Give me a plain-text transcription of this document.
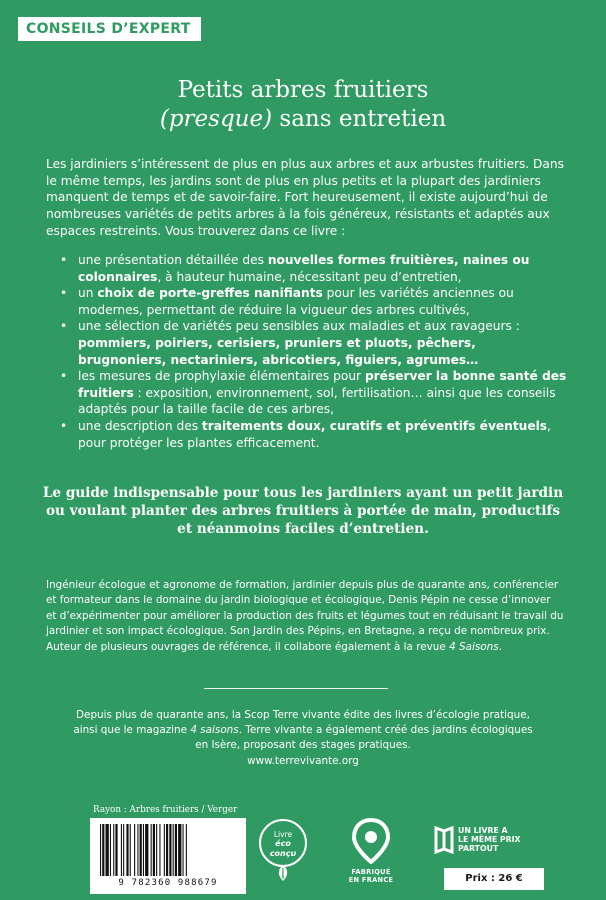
CONSEILS D’EXPERT
Petits arbres fruitiers
(presque) sans entretien

Les jardiniers s’intéressent de plus en plus aux arbres et aux arbustes fruitiers. Dans le même temps, les jardins sont de plus en plus petits et la plupart des jardiniers manquent de temps et de savoir-faire. Fort heureusement, il existe aujourd’hui de nombreuses variétés de petits arbres à la fois généreux, résistants et adaptés aux espaces restreints. Vous trouverez dans ce livre :

• une présentation détaillée des nouvelles formes fruitières, naines ou colonnaires, à hauteur humaine, nécessitant peu d’entretien,
• un choix de porte-greffes nanifiants pour les variétés anciennes ou modernes, permettant de réduire la vigueur des arbres cultivés,
• une sélection de variétés peu sensibles aux maladies et aux ravageurs : pommiers, poiriers, cerisiers, pruniers et pluots, pêchers, brugnoniers, nectariniers, abricotiers, figuiers, agrumes…
• les mesures de prophylaxie élémentaires pour préserver la bonne santé des fruitiers : exposition, environnement, sol, fertilisation… ainsi que les conseils adaptés pour la taille facile de ces arbres,
• une description des traitements doux, curatifs et préventifs éventuels, pour protéger les plantes efficacement.
Le guide indispensable pour tous les jardiniers ayant un petit jardin ou voulant planter des arbres fruitiers à portée de main, productifs et néanmoins faciles d’entretien.

Ingénieur écologue et agronome de formation, jardinier depuis plus de quarante ans, conférencier et formateur dans le domaine du jardin biologique et écologique, Denis Pépin ne cesse d’innover et d’expérimenter pour améliorer la production des fruits et légumes tout en réduisant le travail du jardinier et son impact écologique. Son Jardin des Pépins, en Bretagne, a reçu de nombreux prix. Auteur de plusieurs ouvrages de référence, il collabore également à la revue 4 Saisons.

Depuis plus de quarante ans, la Scop Terre vivante édite des livres d’écologie pratique,

ainsi que le magazine 4 saisons. Terre vivante a également créé des jardins écologiques

en Isère, proposant des stages pratiques.

www.terrevivante.org

Rayon : Arbres fruitiers / Verger
9 782360 988679
Livre
éco conçu
FABRIQUÉ
EN FRANCE
UN LIVRE A
LE MÊME PRIX
PARTOUT
Prix : 26 €
